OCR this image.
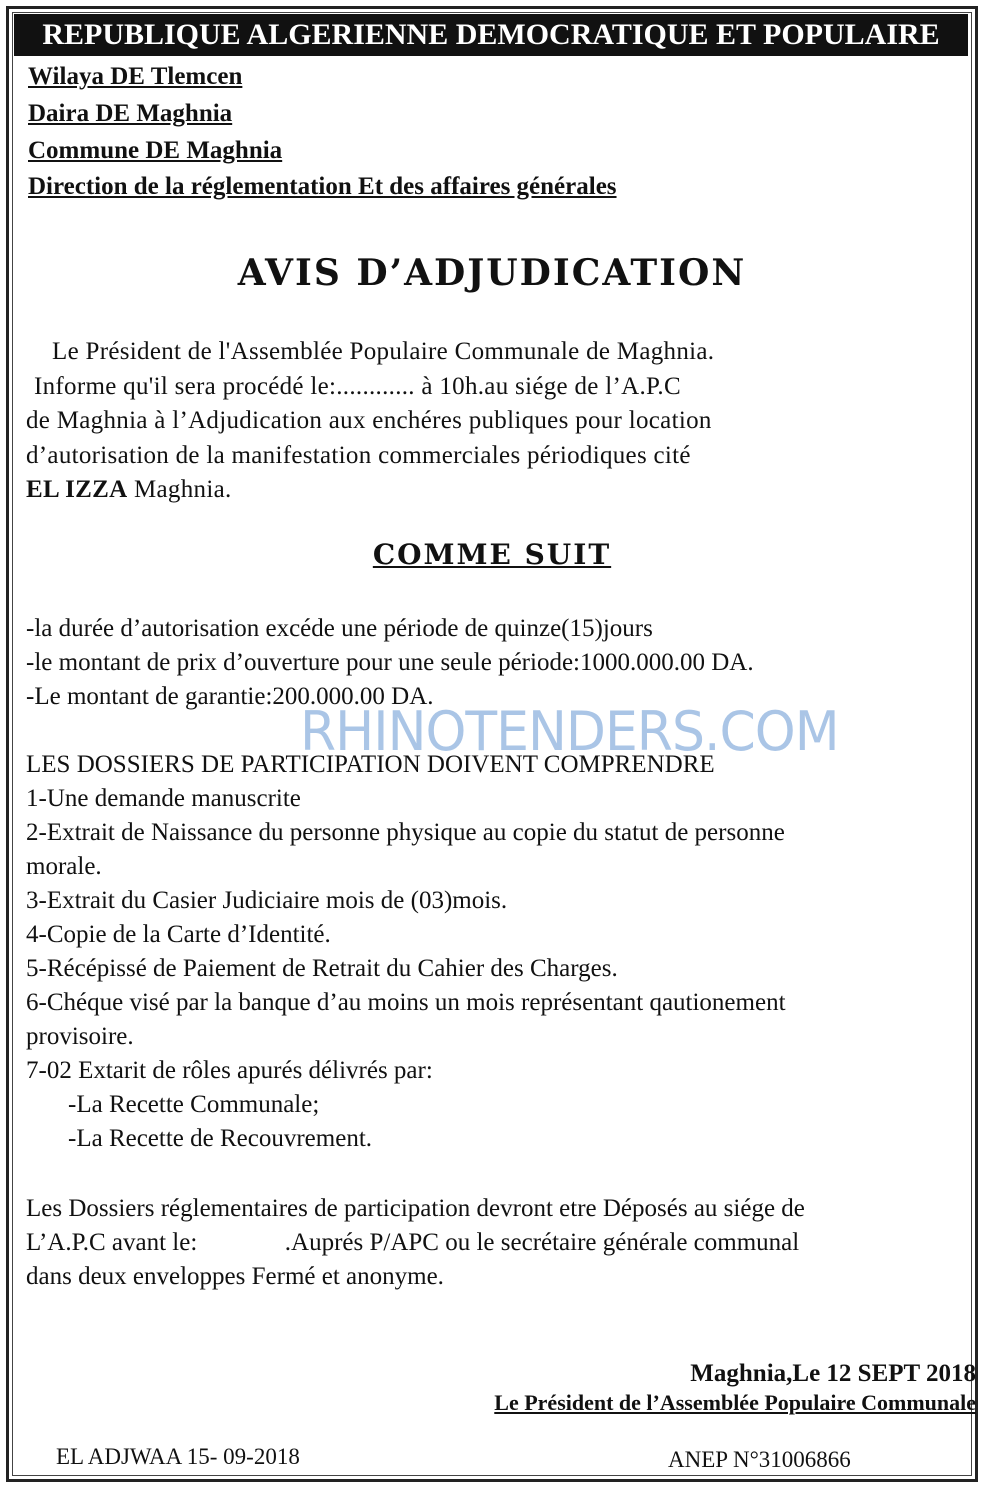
REPUBLIQUE ALGERIENNE DEMOCRATIQUE ET POPULAIRE
Wilaya DE Tlemcen
Daira DE Maghnia
Commune DE Maghnia
Direction de la réglementation Et des affaires générales
AVIS D’ADJUDICATION
Le Président de l'Assemblée Populaire Communale de Maghnia.
Informe qu'il sera procédé le:............ à 10h.au siége de l’A.P.C
de Maghnia à l’Adjudication aux enchéres publiques pour location
d’autorisation de la manifestation commerciales périodiques cité
EL IZZA Maghnia.
COMME SUIT
-la durée d’autorisation excéde une période de quinze(15)jours
-le montant de prix d’ouverture pour une seule période:1000.000.00 DA.
-Le montant de garantie:200.000.00 DA.
LES DOSSIERS DE PARTICIPATION DOIVENT COMPRENDRE
1-Une demande manuscrite
2-Extrait de Naissance du personne physique au copie du statut de personne
morale.
3-Extrait du Casier Judiciaire mois de (03)mois.
4-Copie de la Carte d’Identité.
5-Récépissé de Paiement de Retrait du Cahier des Charges.
6-Chéque visé par la banque d’au moins un mois représentant qautionement
provisoire.
7-02 Extarit de rôles apurés délivrés par:
-La Recette Communale;
-La Recette de Recouvrement.
Les Dossiers réglementaires de participation devront etre Déposés au siége de
L’A.P.C avant le:              .Auprés P/APC ou le secrétaire générale communal
dans deux enveloppes Fermé et anonyme.
RHINOTENDERS.COM
Maghnia,Le 12 SEPT 2018
Le Président de l’Assemblée Populaire Communale
EL ADJWAA 15- 09-2018	ANEP N°31006866
